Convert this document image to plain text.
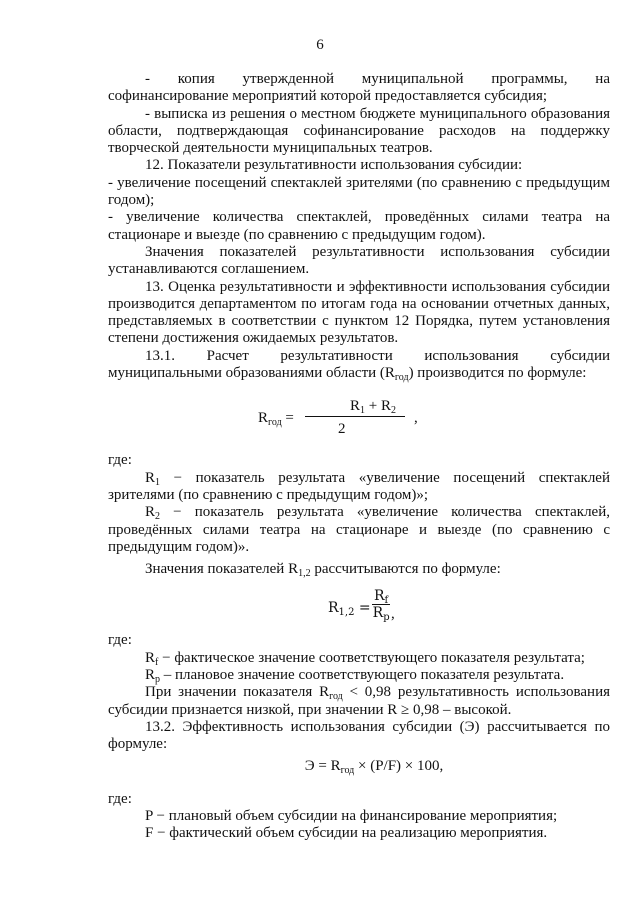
6

- копия утвержденной муниципальной программы, на софинансирование мероприятий которой предоставляется субсидия;

- выписка из решения о местном бюджете муниципального образования области, подтверждающая софинансирование расходов на поддержку творческой деятельности муниципальных театров.

12. Показатели результативности использования субсидии:

- увеличение посещений спектаклей зрителями (по сравнению с предыдущим годом);

- увеличение количества спектаклей, проведённых силами театра на стационаре и выезде (по сравнению с предыдущим годом).

Значения показателей результативности использования субсидии устанавливаются соглашением.

13. Оценка результативности и эффективности использования субсидии производится департаментом по итогам года на основании отчетных данных, представляемых в соответствии с пунктом 12 Порядка, путем установления степени достижения ожидаемых результатов.

13.1. Расчет результативности использования субсидии муниципальными образованиями области $(R_{год})$ производится по формуле:

$R_{год}$ =
$R_1 + R_2$
2
,

где:

$R_1$ − показатель результата «увеличение посещений спектаклей зрителями (по сравнению с предыдущим годом)»;

$R_2$ − показатель результата «увеличение количества спектаклей, проведённых силами театра на стационаре и выезде (по сравнению с предыдущим годом)».

Значения показателей $R_{1,2}$ рассчитываются по формуле:

$R_{1,2} = \frac{R_f}{R_p}$ ,

где:

$R_f$ − фактическое значение соответствующего показателя результата;

$R_p$ – плановое значение соответствующего показателя результата.

При значении показателя $R_{год} < 0,98$ результативность использования субсидии признается низкой, при значении R ≥ 0,98 – высокой.

13.2. Эффективность использования субсидии (Э) рассчитывается по формуле:

$Э = R_{год} \times (P/F) \times 100$,

где:

P − плановый объем субсидии на финансирование мероприятия;

F − фактический объем субсидии на реализацию мероприятия.
